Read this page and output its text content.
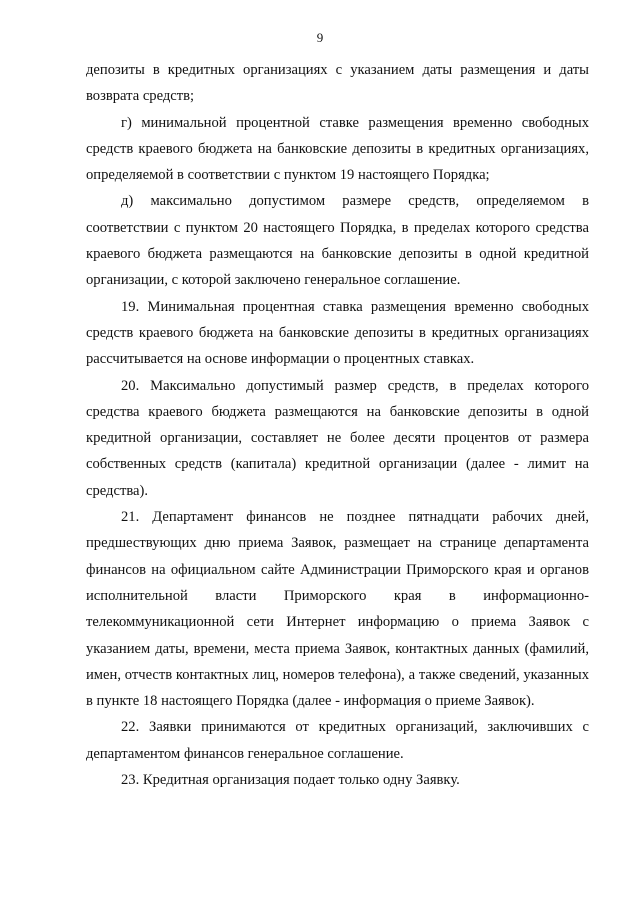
9

депозиты в кредитных организациях с указанием даты размещения и даты возврата средств;

г) минимальной процентной ставке размещения временно свободных средств краевого бюджета на банковские депозиты в кредитных организациях, определяемой в соответствии с пунктом 19 настоящего Порядка;

д) максимально допустимом размере средств, определяемом в соответствии с пунктом 20 настоящего Порядка, в пределах которого средства краевого бюджета размещаются на банковские депозиты в одной кредитной организации, с которой заключено генеральное соглашение.

19. Минимальная процентная ставка размещения временно свободных средств краевого бюджета на банковские депозиты в кредитных организациях рассчитывается на основе информации о процентных ставках.

20. Максимально допустимый размер средств, в пределах которого средства краевого бюджета размещаются на банковские депозиты в одной кредитной организации, составляет не более десяти процентов от размера собственных средств (капитала) кредитной организации (далее - лимит на средства).

21. Департамент финансов не позднее пятнадцати рабочих дней, предшествующих дню приема Заявок, размещает на странице департамента финансов на официальном сайте Администрации Приморского края и органов исполнительной власти Приморского края в информационно-телекоммуникационной сети Интернет информацию о приема Заявок с указанием даты, времени, места приема Заявок, контактных данных (фамилий, имен, отчеств контактных лиц, номеров телефона), а также сведений, указанных в пункте 18 настоящего Порядка (далее - информация о приеме Заявок).

22. Заявки принимаются от кредитных организаций, заключивших с департаментом финансов генеральное соглашение.

23. Кредитная организация подает только одну Заявку.
